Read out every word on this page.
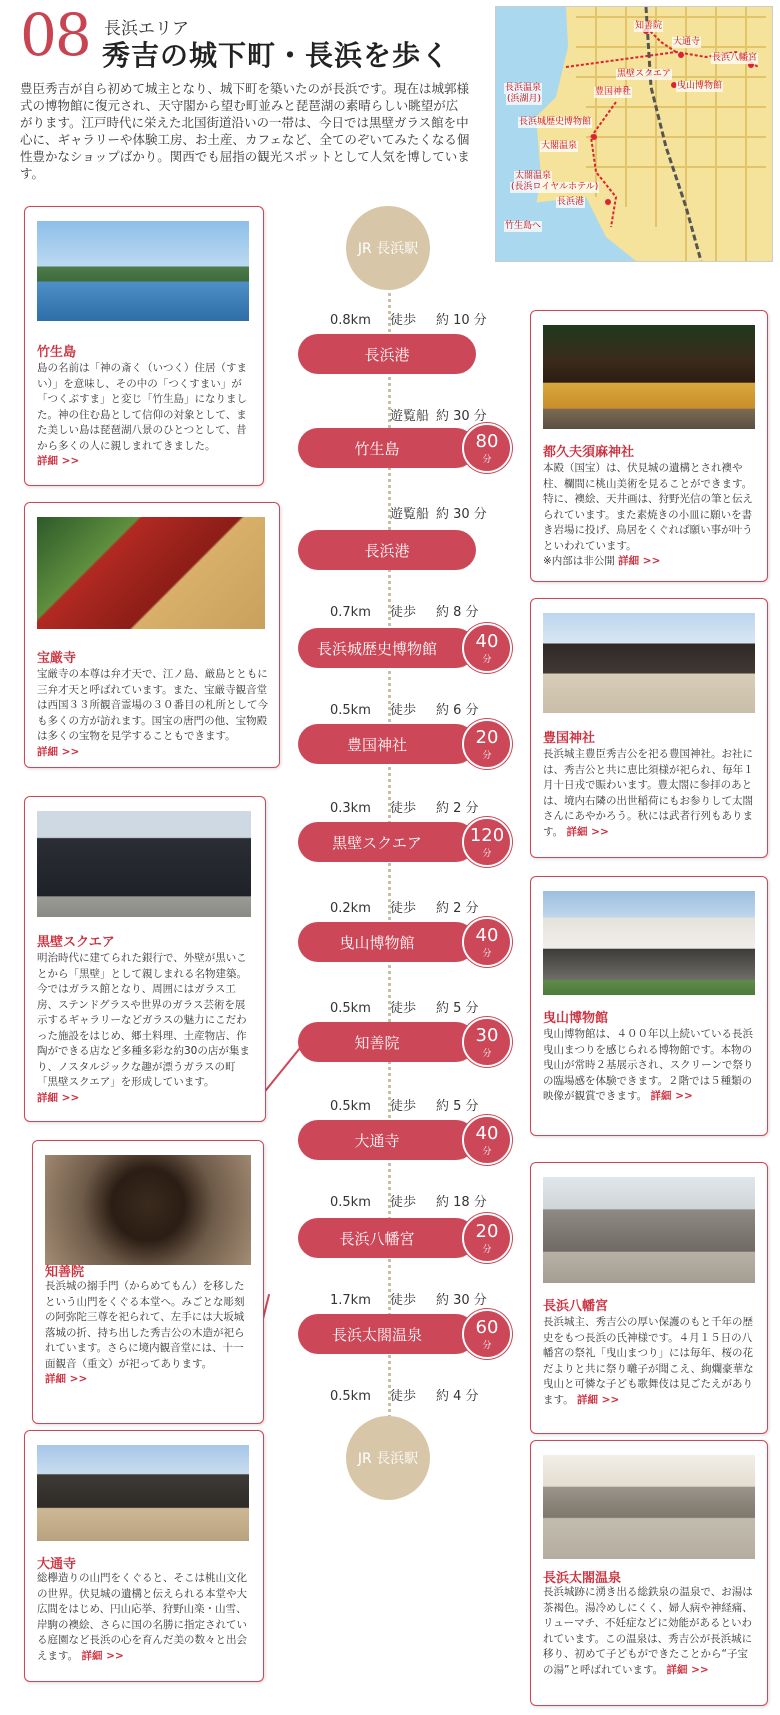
08 長浜エリア
秀吉の城下町・長浜を歩く
豊臣秀吉が自ら初めて城主となり、城下町を築いたのが長浜です。現在は城郭様式の博物館に復元され、天守閣から望む町並みと琵琶湖の素晴らしい眺望が広がります。江戸時代に栄えた北国街道沿いの一帯は、今日では黒壁ガラス館を中心に、ギャラリーや体験工房、お土産、カフェなど、全てのぞいてみたくなる個性豊かなショップばかり。関西でも屈指の観光スポットとして人気を博しています。
知善院
大通寺
長浜八幡宮
黒壁スクエア
曳山博物館
豊国神社
長浜温泉
(浜湖月)
長浜城歴史博物館
大閣温泉
太閤温泉
(長浜ロイヤルホテル)
長浜港
竹生島へ
JR 長浜駅
JR 長浜駅
長浜港
竹生島	80
分
長浜港
長浜城歴史博物館	40
分
豊国神社	20
分
黒壁スクエア	120
分
曳山博物館	40
分
知善院	30
分
大通寺	40
分
長浜八幡宮	20
分
長浜太閤温泉	60
分
0.8km 徒歩 約 10 分
遊覧船 約 30 分
遊覧船 約 30 分
0.7km 徒歩 約 8 分
0.5km 徒歩 約 6 分
0.3km 徒歩 約 2 分
0.2km 徒歩 約 2 分
0.5km 徒歩 約 5 分
0.5km 徒歩 約 5 分
0.5km 徒歩 約 18 分
1.7km 徒歩 約 30 分
0.5km 徒歩 約 4 分
竹生島
島の名前は「神の斎く（いつく）住居（すまい）」を意味し、その中の「つくすまい」が「つくぶすま」と変じ「竹生島」になりました。神の住む島として信仰の対象として、また美しい島は琵琶湖八景のひとつとして、昔から多くの人に親しまれてきました。 詳細 >>
宝厳寺
宝厳寺の本尊は弁才天で、江ノ島、厳島とともに三弁才天と呼ばれています。また、宝厳寺観音堂は西国３３所観音霊場の３０番目の札所として今も多くの方が訪れます。国宝の唐門の他、宝物殿は多くの宝物を見学することもできます。 詳細 >>
黒壁スクエア
明治時代に建てられた銀行で、外壁が黒いことから「黒壁」として親しまれる名物建築。今ではガラス館となり、周囲にはガラス工房、ステンドグラスや世界のガラス芸術を展示するギャラリーなどガラスの魅力にこだわった施設をはじめ、郷土料理、土産物店、作陶ができる店など多種多彩な約30の店が集まり、ノスタルジックな趣が漂うガラスの町「黒壁スクエア」を形成しています。 詳細 >>
知善院
長浜城の搦手門（からめてもん）を移したという山門をくぐる本堂へ。みごとな彫刻の阿弥陀三尊を祀られて、左手には大坂城落城の折、持ち出した秀吉公の木造が祀られています。さらに境内観音堂には、十一面観音（重文）が祀ってあります。 詳細 >>
大通寺
総欅造りの山門をくぐると、そこは桃山文化の世界。伏見城の遺構と伝えられる本堂や大広間をはじめ、円山応挙、狩野山楽・山雪、岸駒の襖絵、さらに国の名勝に指定されている庭園など長浜の心を育んだ美の数々と出会えます。 詳細 >>
都久夫須麻神社
本殿（国宝）は、伏見城の遺構とされ襖や柱、欄間に桃山美術を見ることができます。特に、襖絵、天井画は、狩野光信の筆と伝えられています。また素焼きの小皿に願いを書き岩場に投げ、鳥居をくぐれば願い事が叶うといわれています。
※内部は非公開 詳細 >>
豊国神社
長浜城主豊臣秀吉公を祀る豊国神社。お社には、秀吉公と共に恵比須様が祀られ、毎年１月十日戎で賑わいます。豊太閤に参拝のあとは、境内右隣の出世稲荷にもお参りして太閤さんにあやかろう。秋には武者行列もあります。 詳細 >>
曳山博物館
曳山博物館は、４００年以上続いている長浜曳山まつりを感じられる博物館です。本物の曳山が常時２基展示され、スクリーンで祭りの臨場感を体験できます。２階では５種類の映像が観賞できます。 詳細 >>
長浜八幡宮
長浜城主、秀吉公の厚い保護のもと千年の歴史をもつ長浜の氏神様です。４月１５日の八幡宮の祭礼「曳山まつり」には毎年、桜の花だよりと共に祭り囃子が聞こえ、絢爛豪華な曳山と可憐な子ども歌舞伎は見ごたえがあります。 詳細 >>
長浜太閤温泉
長浜城跡に湧き出る総鉄泉の温泉で、お湯は茶褐色。湯冷めしにくく、婦人病や神経痛、リューマチ、不妊症などに効能があるといわれています。この温泉は、秀吉公が長浜城に移り、初めて子どもができたことから“子宝の湯”と呼ばれています。 詳細 >>
